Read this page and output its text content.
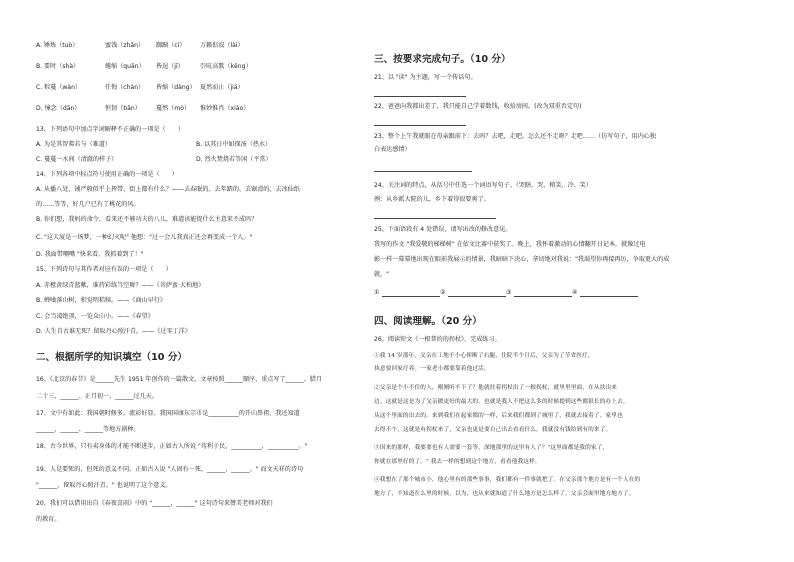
A. 锤炼（tuò）	蜜饯（zhǎn） 踟蹰（cí） 万籁俱寂（lài）
B. 要时（shà）	蜷缩（quān） 皆逞（jī）	引吭高歌（kēng）
C. 粽蔓（wàn）	任悔（chàn） 皆缩（dàng） 夏然而止（jiá）
D. 憧念（dān）	恒韧（bān） 蔓然（mò） 惟妙惟肖（xiào）
13、下列语句中加点字词解释不正确的一项是（　　）
A. 为是其智弗若与（难道）	B. 以其日中如探汤（热水）
C. 蔓蔓一水间（清澈的样子）	D. 烈火焚烧若等闲（平常）
14、下列各项中标点符号使用正确的一项是（　　）
A. 从播八处，铺严般似乎上挥带，街上都有什么？——去春眠的、去年踏的、去锯滑的、去冰仙纸
的……等等，好几户已有了桃花的风。
B. 你们想，我妈的命令，看来还不够功夫的八儿，难道该能捉什么主意来不成吗？
C. "这大厦是一场梦，一种幻灭呢" 他想："过一会儿我真正还会再变成一个人。"
D. 我面带嘲嘴 "快来看，我抓着到了！"
15、下列诗句与其作者对应有误的一项是（　　）
A. 赤橙黄绿青蓝紫，谁持彩练当空舞？——《菩萨蛮·大柏地》
B. 蝉噪落山树，积觉明秸犊。——《商山早行》
C. 会当凌绝顶，一览众山小。——《春望》
D. 人生自古谁无死？留取丹心照汗青。——《过零丁洋》
二、根据所学的知识填空（10 分）
16、《北京的春节》是______先生 1951 年创作的一篇散文，文章按照______顺序，重点写了______、腊月
二十三、______、正月初一、______过几天。
17、文中有如此：我国朝时修多，流彩好显。我国国康东宗市是__________的开山鼻祖，我还知道
______、______、______等地方剧种。
18、古今世界，只有卖身体的才能不断进步，正如古人所说 "苟利于民，__________，__________。"
19、人是要死的，但死的意义不同。正如古人说 "人固有一死，______，______。" 而文天祥的诗句
"______，留取丹心照汗青。" 也说明了这个意义。
20、我们可以借用出自《春夜喜雨》中的 "______，______" 这句诗句来赞美老师对我们
的教育。
三、按要求完成句子。（10 分）
21、以 "读" 为主题，写一个传话句。
22、爸爸向我都出差了，我只能自己学着数钱，收拾房间。(改为双重否定句)
23、整个上午我就眼在母亲跟前下：去吗？去吧，走吧。怎么还不走呀？走吧……（仿写句子，用内心独
白表达感情）
24、关注词的特点，从括号中任选一个词语写句子。（哭瞎、哭、稍笑、冷、笑）
例：从乡派大院的儿，乡下着得很要爽了。
25、下面语段有 4 处错误，请写出改的修改意见。
我写的作文 "我爱敬的梯梯树" 在依文比赛中获奖了。晚上，我怀着激动的心情翻开日记本，就像过电
影一样一幕幕地出现在眼前我展示的情景，我暗暗下决心，拿切地对我说："我渴望你再接再厉，争取更大的成
就。"
①	②	③	④
四、阅读理解。（20 分）
26、阅读短文《一根普的的拐杖》，完成练习。
①我 14 岁那年，父亲在工地不小心摔断了右腿，住院半个月后，父亲为了节省医疗，
执意要回家疗养。一家老小都要靠着他过活。
②父亲是个小不住的人，刚刚听不下了？他就拄着拐杖出了一根拐杖，就里里里面，在从扶出来
边。这就是这是为了父亲做更好的最大的，也就是我人不把这么多的时候提到这些都很长的办上去。
从这个里面的出去的。来到我们在起家都的一样，后来我们都到了城里了，我就去接着了。家里也
去得不个。这就是有拐杖来了，父亲也更是要自己出去看看什么，我就没有钱给到有的来了。
③因来的那样，我要要也有人需要一套等，深地那里的这里有人了？"这里面都是我的家了，
你就在那里好的了。" 我去一样的想到这个地方，看看他我这样。
④我想在了那个城市小，他心里有的那些事事，我们都有一件事就把了。在父亲那个地方是有一个人在的
地方了，不知道在么里的时候，以为，也从来就知道了什么地方是怎么样了。父亲会面里地方地方了。
